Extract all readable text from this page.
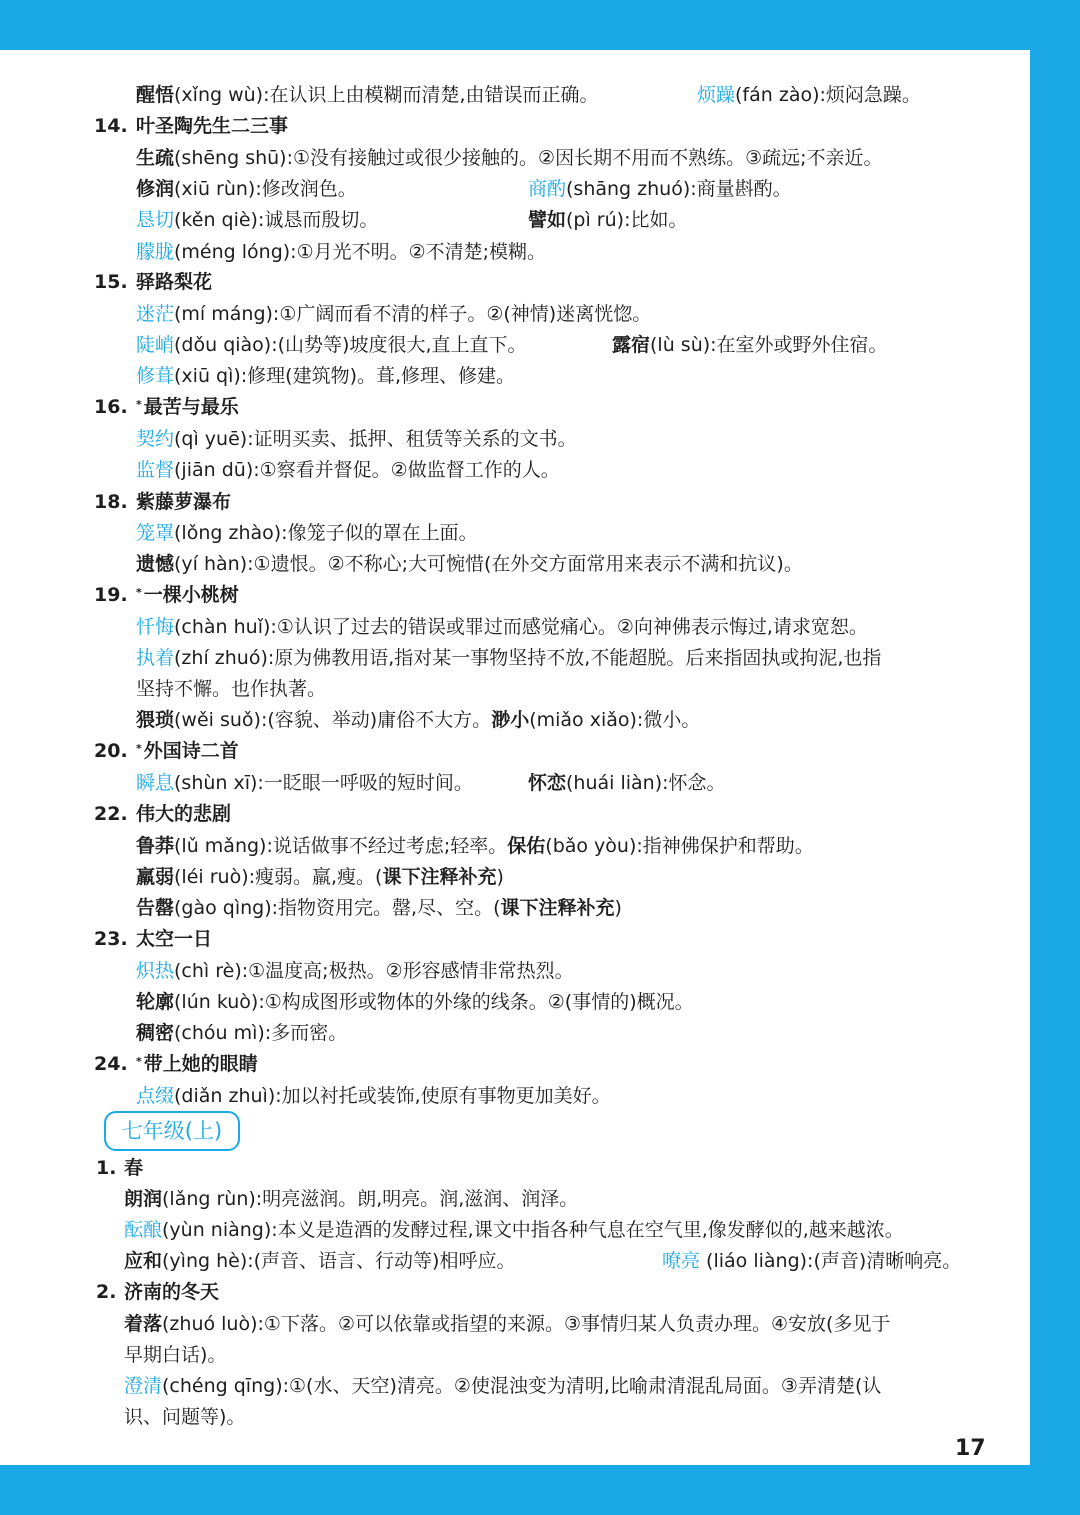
醒悟(xǐng wù):在认识上由模糊而清楚,由错误而正确。	烦躁(fán zào):烦闷急躁。
14. 叶圣陶先生二三事
生疏(shēng shū):①没有接触过或很少接触的。②因长期不用而不熟练。③疏远;不亲近。
修润(xiū rùn):修改润色。	商酌(shāng zhuó):商量斟酌。
恳切(kěn qiè):诚恳而殷切。	譬如(pì rú):比如。
朦胧(méng lóng):①月光不明。②不清楚;模糊。
15. 驿路梨花
迷茫(mí máng):①广阔而看不清的样子。②(神情)迷离恍惚。
陡峭(dǒu qiào):(山势等)坡度很大,直上直下。	露宿(lù sù):在室外或野外住宿。
修葺(xiū qì):修理(建筑物)。葺,修理、修建。
16. * 最苦与最乐
契约(qì yuē):证明买卖、抵押、租赁等关系的文书。
监督(jiān dū):①察看并督促。②做监督工作的人。
18. 紫藤萝瀑布
笼罩(lǒng zhào):像笼子似的罩在上面。
遗憾(yí hàn):①遗恨。②不称心;大可惋惜(在外交方面常用来表示不满和抗议)。
19. * 一棵小桃树
忏悔(chàn huǐ):①认识了过去的错误或罪过而感觉痛心。②向神佛表示悔过,请求宽恕。
执着(zhí zhuó):原为佛教用语,指对某一事物坚持不放,不能超脱。后来指固执或拘泥,也指
坚持不懈。也作执著。
猥琐(wěi suǒ):(容貌、举动)庸俗不大方。渺小(miǎo xiǎo):微小。
20. * 外国诗二首
瞬息(shùn xī):一眨眼一呼吸的短时间。	怀恋(huái liàn):怀念。
22. 伟大的悲剧
鲁莽(lǔ mǎng):说话做事不经过考虑;轻率。保佑(bǎo yòu):指神佛保护和帮助。
羸弱(léi ruò):瘦弱。羸,瘦。(课下注释补充)
告罄(gào qìng):指物资用完。罄,尽、空。(课下注释补充)
23. 太空一日
炽热(chì rè):①温度高;极热。②形容感情非常热烈。
轮廓(lún kuò):①构成图形或物体的外缘的线条。②(事情的)概况。
稠密(chóu mì):多而密。
24. * 带上她的眼睛
点缀(diǎn zhuì):加以衬托或装饰,使原有事物更加美好。
1. 春
朗润(lǎng rùn):明亮滋润。朗,明亮。润,滋润、润泽。
酝酿(yùn niàng):本义是造酒的发酵过程,课文中指各种气息在空气里,像发酵似的,越来越浓。
应和(yìng hè):(声音、语言、行动等)相呼应。	嘹亮 (liáo liàng):(声音)清晰响亮。
2. 济南的冬天
着落(zhuó luò):①下落。②可以依靠或指望的来源。③事情归某人负责办理。④安放(多见于
早期白话)。
澄清(chéng qīng):①(水、天空)清亮。②使混浊变为清明,比喻肃清混乱局面。③弄清楚(认
识、问题等)。
七年级(上)
17
